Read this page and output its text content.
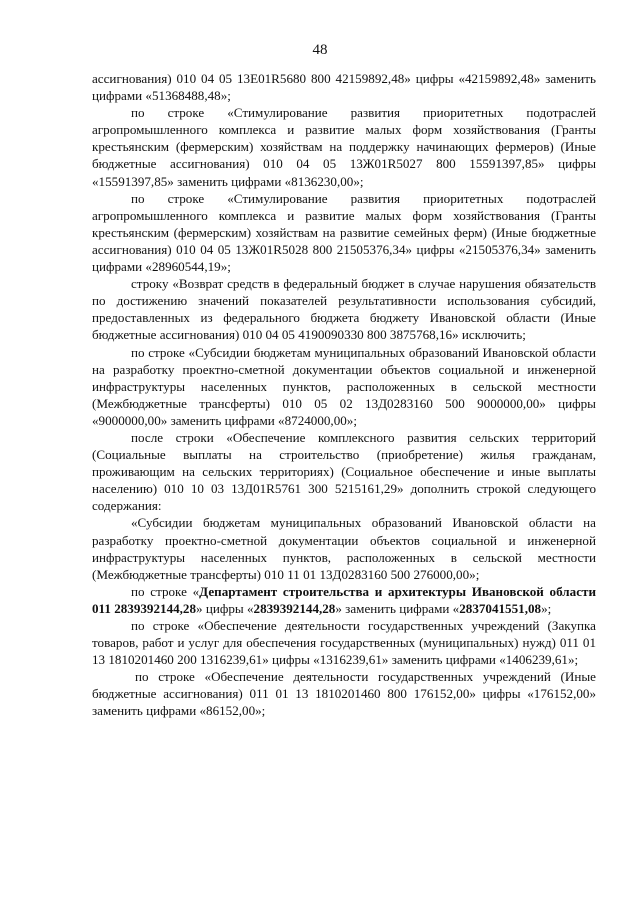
48

ассигнования) 010 04 05 13Е01R5680 800 42159892,48» цифры «42159892,48» заменить цифрами «51368488,48»;

по строке «Стимулирование развития приоритетных подотраслей агропромышленного комплекса и развитие малых форм хозяйствования (Гранты крестьянским (фермерским) хозяйствам на поддержку начинающих фермеров) (Иные бюджетные ассигнования) 010 04 05 13Ж01R5027 800 15591397,85» цифры «15591397,85» заменить цифрами «8136230,00»;

по строке «Стимулирование развития приоритетных подотраслей агропромышленного комплекса и развитие малых форм хозяйствования (Гранты крестьянским (фермерским) хозяйствам на развитие семейных ферм) (Иные бюджетные ассигнования) 010 04 05 13Ж01R5028 800 21505376,34» цифры «21505376,34» заменить цифрами «28960544,19»;

строку «Возврат средств в федеральный бюджет в случае нарушения обязательств по достижению значений показателей результативности использования субсидий, предоставленных из федерального бюджета бюджету Ивановской области (Иные бюджетные ассигнования) 010 04 05 4190090330 800 3875768,16» исключить;

по строке «Субсидии бюджетам муниципальных образований Ивановской области на разработку проектно-сметной документации объектов социальной и инженерной инфраструктуры населенных пунктов, расположенных в сельской местности (Межбюджетные трансферты) 010 05 02 13Д0283160 500 9000000,00» цифры «9000000,00» заменить цифрами «8724000,00»;

после строки «Обеспечение комплексного развития сельских территорий (Социальные выплаты на строительство (приобретение) жилья гражданам, проживающим на сельских территориях) (Социальное обеспечение и иные выплаты населению) 010 10 03 13Д01R5761 300 5215161,29» дополнить строкой следующего содержания:

«Субсидии бюджетам муниципальных образований Ивановской области на разработку проектно-сметной документации объектов социальной и инженерной инфраструктуры населенных пунктов, расположенных в сельской местности (Межбюджетные трансферты) 010 11 01 13Д0283160 500 276000,00»;

по строке «Департамент строительства и архитектуры Ивановской области 011 2839392144,28» цифры «2839392144,28» заменить цифрами «2837041551,08»;

по строке «Обеспечение деятельности государственных учреждений (Закупка товаров, работ и услуг для обеспечения государственных (муниципальных) нужд) 011 01 13 1810201460 200 1316239,61» цифры «1316239,61» заменить цифрами «1406239,61»;

по строке «Обеспечение деятельности государственных учреждений (Иные бюджетные ассигнования) 011 01 13 1810201460 800 176152,00» цифры «176152,00» заменить цифрами «86152,00»;
